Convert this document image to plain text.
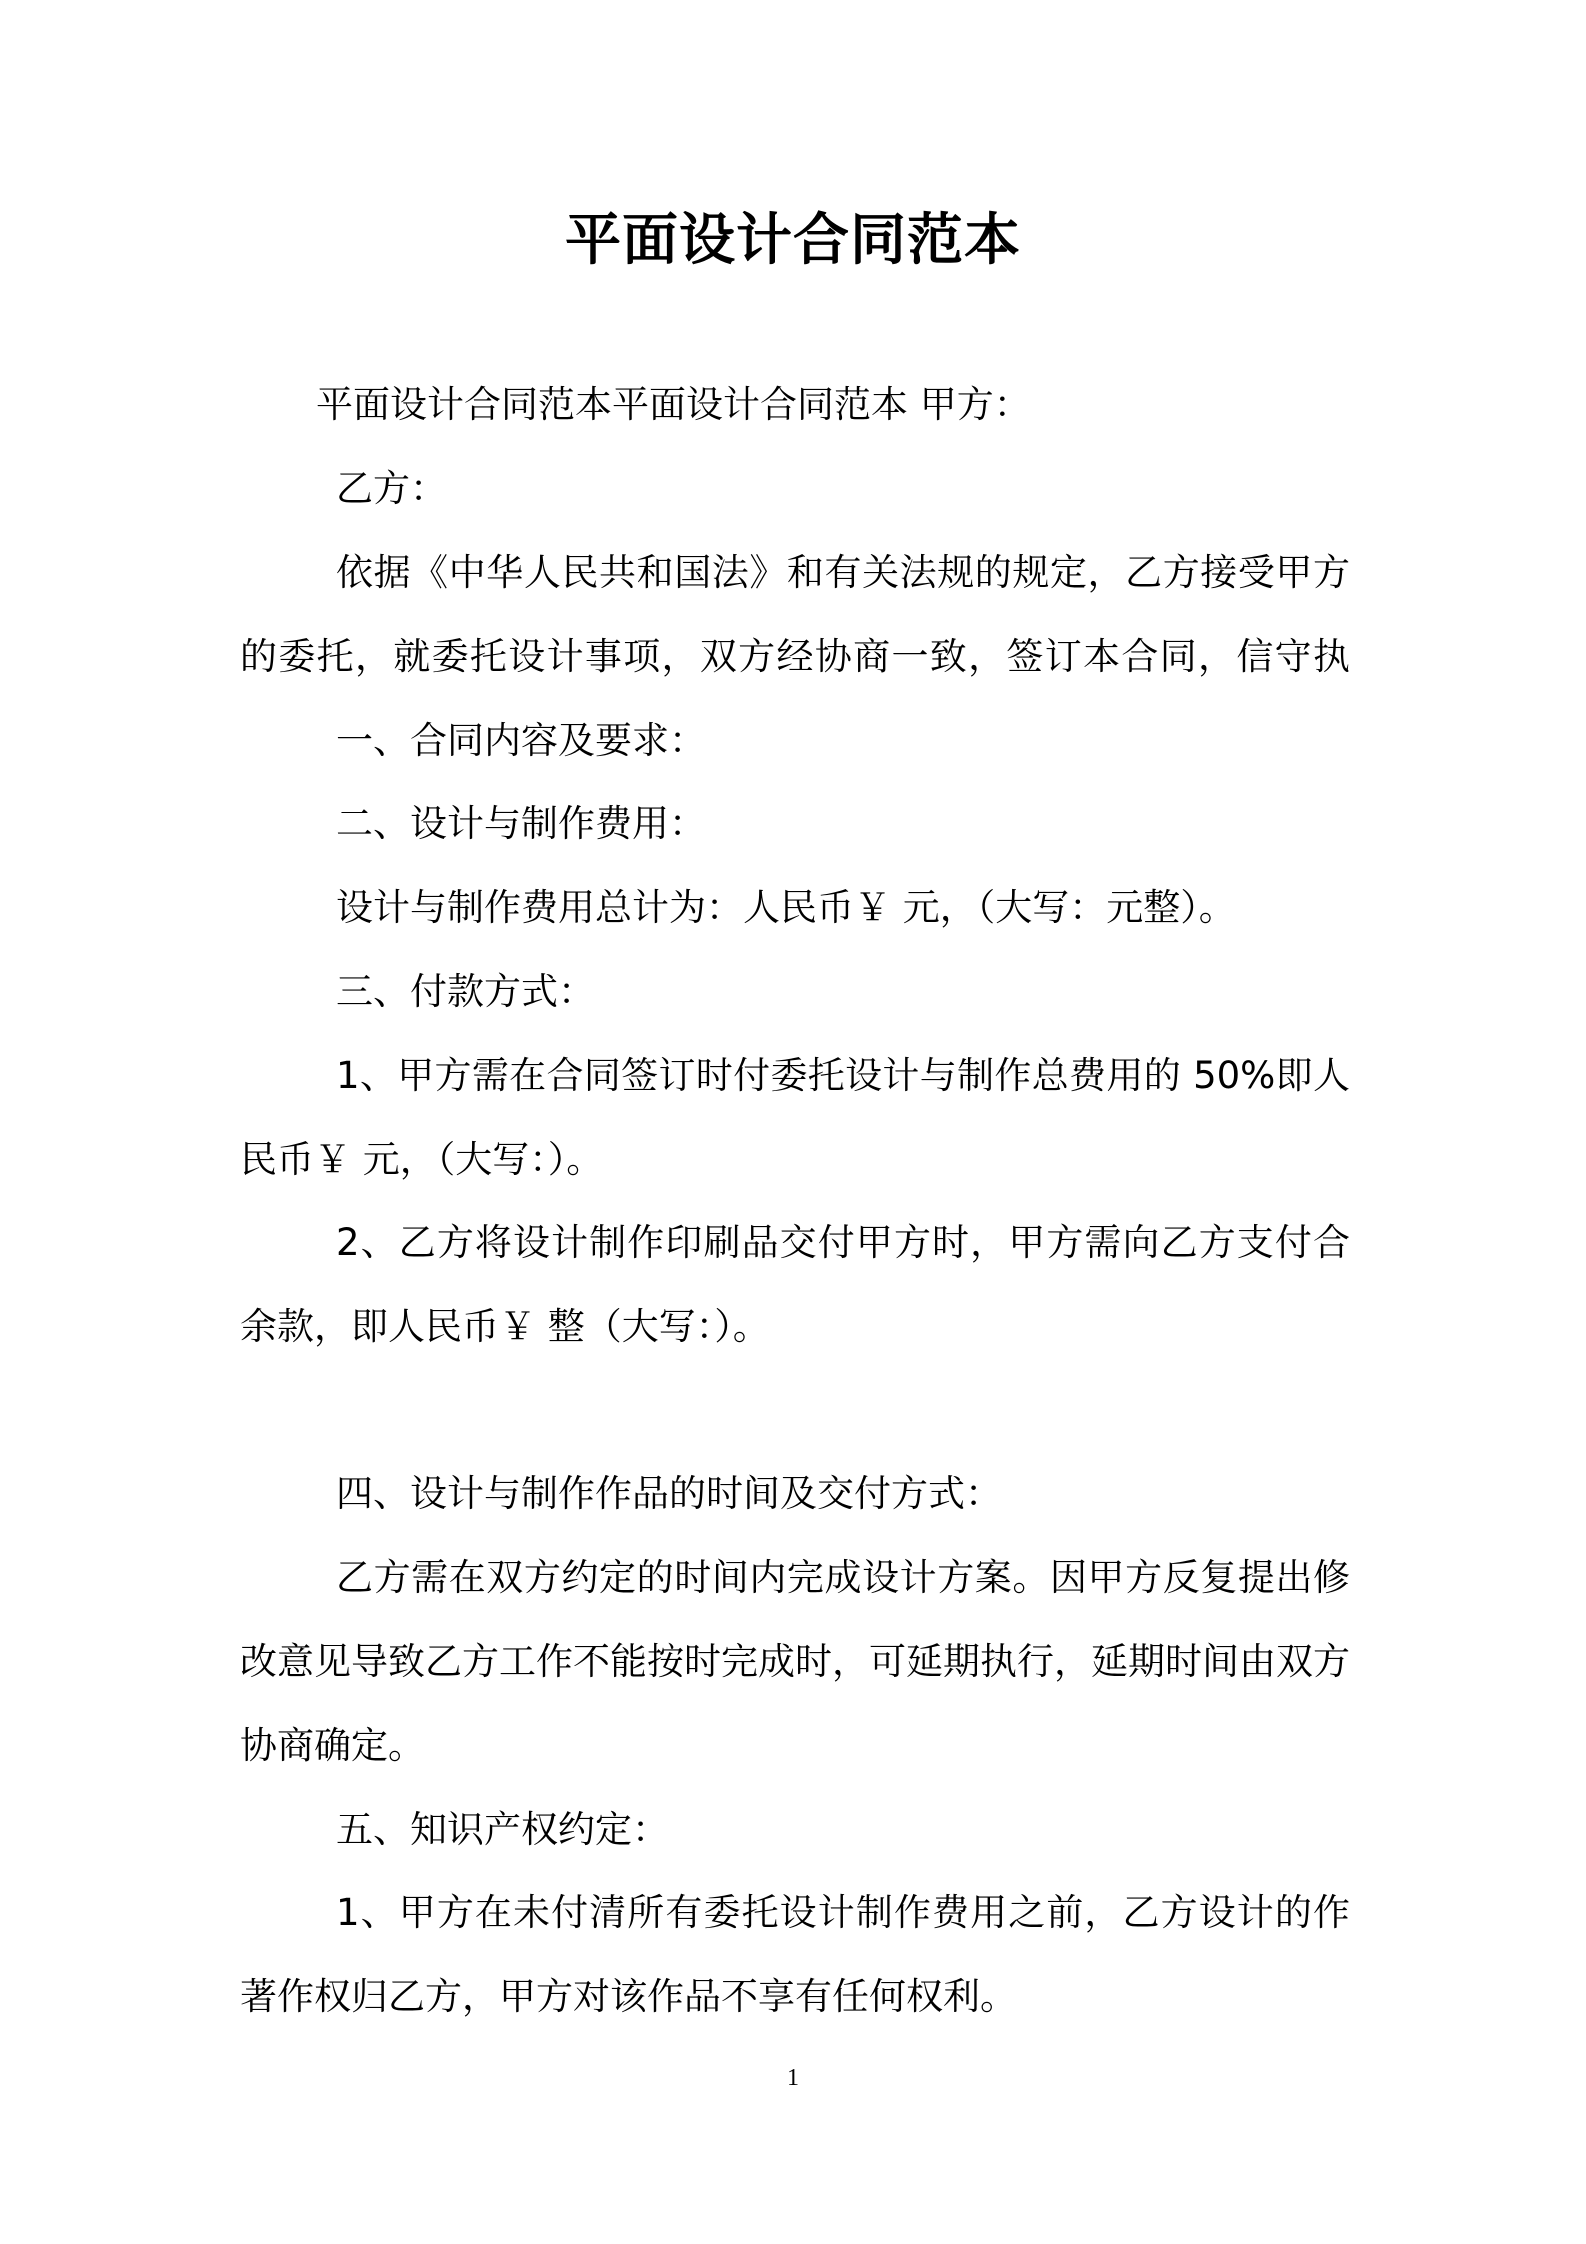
平面设计合同范本
平面设计合同范本平面设计合同范本 甲方：
乙方：
依据《中华人民共和国法》和有关法规的规定，乙方接受甲方
的委托，就委托设计事项，双方经协商一致，签订本合同，信守执
一、合同内容及要求：
二、设计与制作费用：
设计与制作费用总计为：人民币￥ 元，（大写：元整）。
三、付款方式：
1、甲方需在合同签订时付委托设计与制作总费用的 50%即人
民币￥ 元，（大写：）。
2、乙方将设计制作印刷品交付甲方时，甲方需向乙方支付合
余款，即人民币￥ 整（大写：）。
四、设计与制作作品的时间及交付方式：
乙方需在双方约定的时间内完成设计方案。因甲方反复提出修
改意见导致乙方工作不能按时完成时，可延期执行，延期时间由双方
协商确定。
五、知识产权约定：
1、甲方在未付清所有委托设计制作费用之前，乙方设计的作
著作权归乙方，甲方对该作品不享有任何权利。
1
